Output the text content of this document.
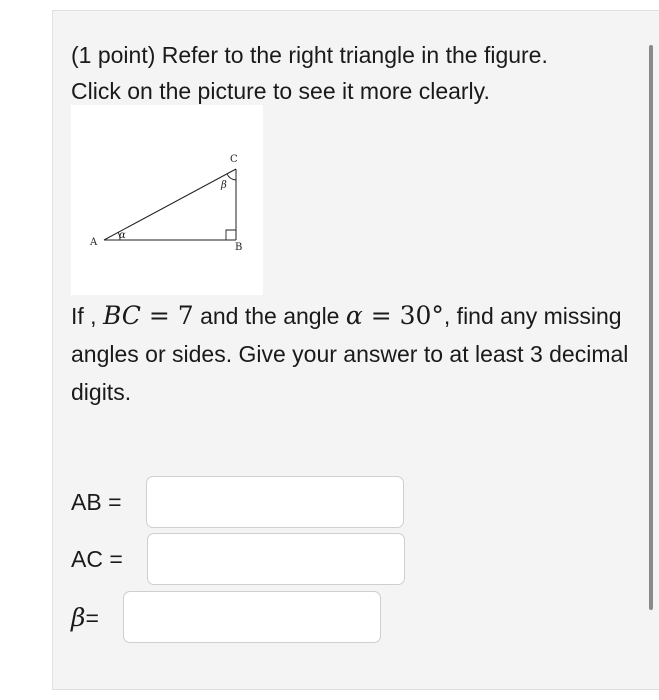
(1 point) Refer to the right triangle in the figure.
Click on the picture to see it more clearly.
A	B
C
α
β
If , BC = 7 and the angle α = 30°, find any missing angles or sides. Give your answer to at least 3 decimal digits.
AB =
AC =
β=
